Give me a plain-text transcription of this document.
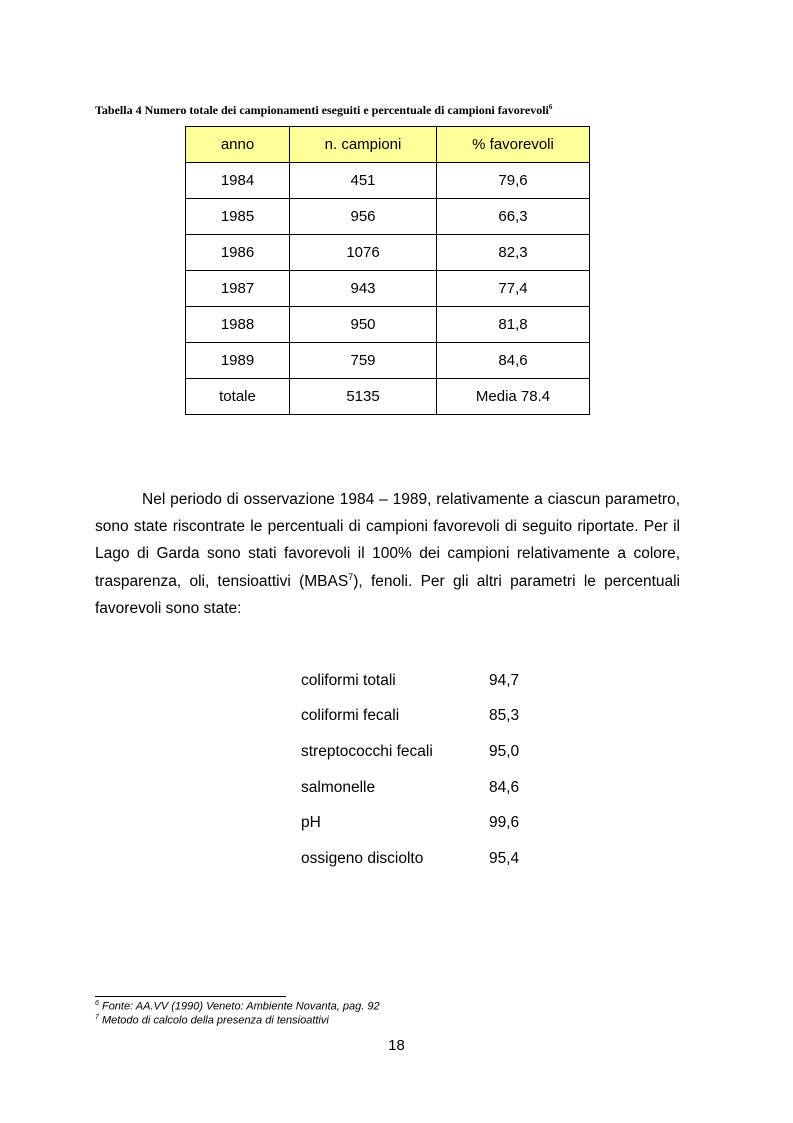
Tabella 4 Numero totale dei campionamenti eseguiti e percentuale di campioni favorevoli$^6$
anno	n. campioni	% favorevoli
1984	451	79,6
1985	956	66,3
1986	1076	82,3
1987	943	77,4
1988	950	81,8
1989	759	84,6
totale	5135	Media 78.4

Nel periodo di osservazione 1984 – 1989, relativamente a ciascun parametro, sono state riscontrate le percentuali di campioni favorevoli di seguito riportate. Per il Lago di Garda sono stati favorevoli il 100% dei campioni relativamente a colore, trasparenza, oli, tensioattivi (MBAS$^7$), fenoli. Per gli altri parametri le percentuali favorevoli sono state:

coliformi totali	94,7
coliformi fecali	85,3
streptococchi fecali	95,0
salmonelle	84,6
pH	99,6
ossigeno disciolto	95,4
$^6$ Fonte: AA.VV (1990) Veneto: Ambiente Novanta, pag. 92
$^7$ Metodo di calcolo della presenza di tensioattivi
18
